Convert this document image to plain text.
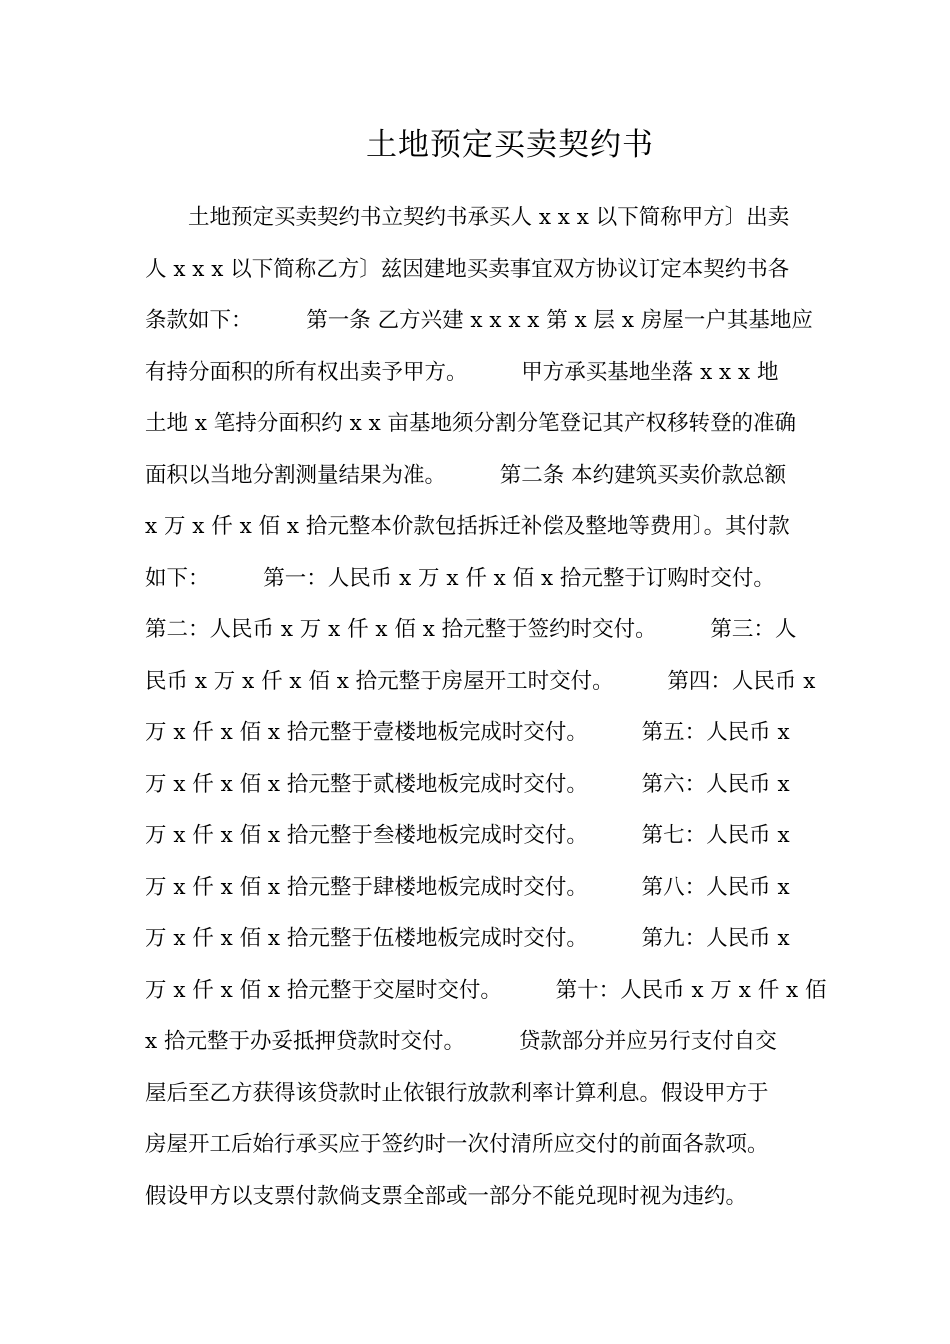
土地预定买卖契约书
土地预定买卖契约书立契约书承买人 x x x 以下简称甲方〕出卖
人 x x x 以下简称乙方〕兹因建地买卖事宜双方协议订定本契约书各
条款如下：　　　第一条 乙方兴建 x x x x 第 x 层 x 房屋一户其基地应
有持分面积的所有权出卖予甲方。　　　甲方承买基地坐落 x x x 地
土地 x 笔持分面积约 x x 亩基地须分割分笔登记其产权移转登的准确
面积以当地分割测量结果为准。　　　第二条 本约建筑买卖价款总额
x 万 x 仟 x 佰 x 拾元整本价款包括拆迁补偿及整地等费用〕。其付款
如下：　　　第一：人民币 x 万 x 仟 x 佰 x 拾元整于订购时交付。
第二：人民币 x 万 x 仟 x 佰 x 拾元整于签约时交付。　　　第三：人
民币 x 万 x 仟 x 佰 x 拾元整于房屋开工时交付。　　　第四：人民币 x
万 x 仟 x 佰 x 拾元整于壹楼地板完成时交付。　　　第五：人民币 x
万 x 仟 x 佰 x 拾元整于贰楼地板完成时交付。　　　第六：人民币 x
万 x 仟 x 佰 x 拾元整于叁楼地板完成时交付。　　　第七：人民币 x
万 x 仟 x 佰 x 拾元整于肆楼地板完成时交付。　　　第八：人民币 x
万 x 仟 x 佰 x 拾元整于伍楼地板完成时交付。　　　第九：人民币 x
万 x 仟 x 佰 x 拾元整于交屋时交付。　　　第十：人民币 x 万 x 仟 x 佰
x 拾元整于办妥抵押贷款时交付。　　　贷款部分并应另行支付自交
屋后至乙方获得该贷款时止依银行放款利率计算利息。假设甲方于
房屋开工后始行承买应于签约时一次付清所应交付的前面各款项。
假设甲方以支票付款倘支票全部或一部分不能兑现时视为违约。
